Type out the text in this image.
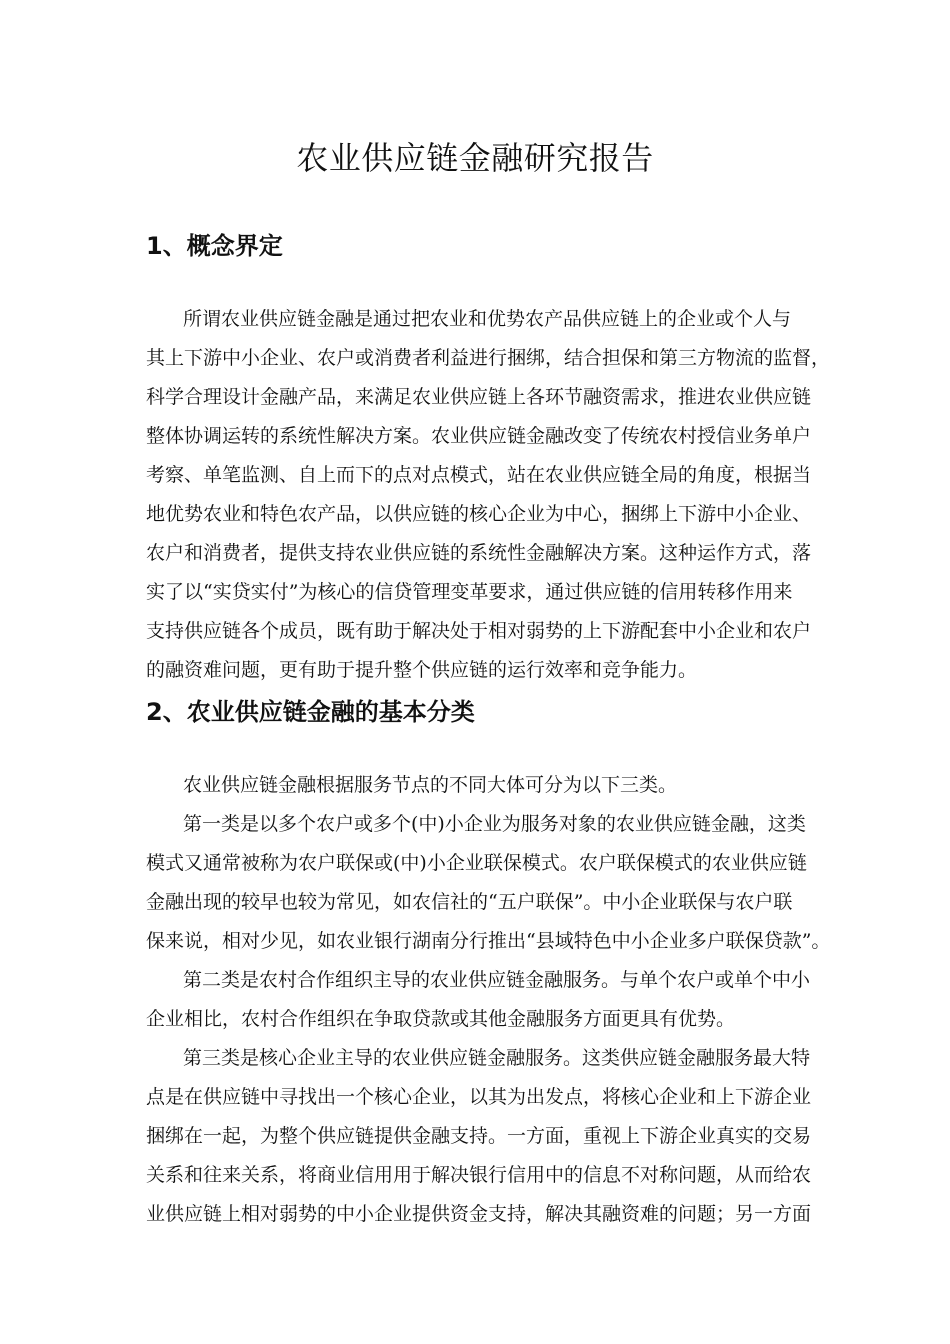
农业供应链金融研究报告
1、概念界定
所谓农业供应链金融是通过把农业和优势农产品供应链上的企业或个人与
其上下游中小企业、农户或消费者利益进行捆绑，结合担保和第三方物流的监督，
科学合理设计金融产品，来满足农业供应链上各环节融资需求，推进农业供应链
整体协调运转的系统性解决方案。农业供应链金融改变了传统农村授信业务单户
考察、单笔监测、自上而下的点对点模式，站在农业供应链全局的角度，根据当
地优势农业和特色农产品，以供应链的核心企业为中心，捆绑上下游中小企业、
农户和消费者，提供支持农业供应链的系统性金融解决方案。这种运作方式，落
实了以“实贷实付”为核心的信贷管理变革要求，通过供应链的信用转移作用来
支持供应链各个成员，既有助于解决处于相对弱势的上下游配套中小企业和农户
的融资难问题，更有助于提升整个供应链的运行效率和竞争能力。
2、农业供应链金融的基本分类
农业供应链金融根据服务节点的不同大体可分为以下三类。
第一类是以多个农户或多个(中)小企业为服务对象的农业供应链金融，这类
模式又通常被称为农户联保或(中)小企业联保模式。农户联保模式的农业供应链
金融出现的较早也较为常见，如农信社的“五户联保”。中小企业联保与农户联
保来说，相对少见，如农业银行湖南分行推出“县域特色中小企业多户联保贷款”。
第二类是农村合作组织主导的农业供应链金融服务。与单个农户或单个中小
企业相比，农村合作组织在争取贷款或其他金融服务方面更具有优势。
第三类是核心企业主导的农业供应链金融服务。这类供应链金融服务最大特
点是在供应链中寻找出一个核心企业，以其为出发点，将核心企业和上下游企业
捆绑在一起，为整个供应链提供金融支持。一方面，重视上下游企业真实的交易
关系和往来关系，将商业信用用于解决银行信用中的信息不对称问题，从而给农
业供应链上相对弱势的中小企业提供资金支持，解决其融资难的问题；另一方面
